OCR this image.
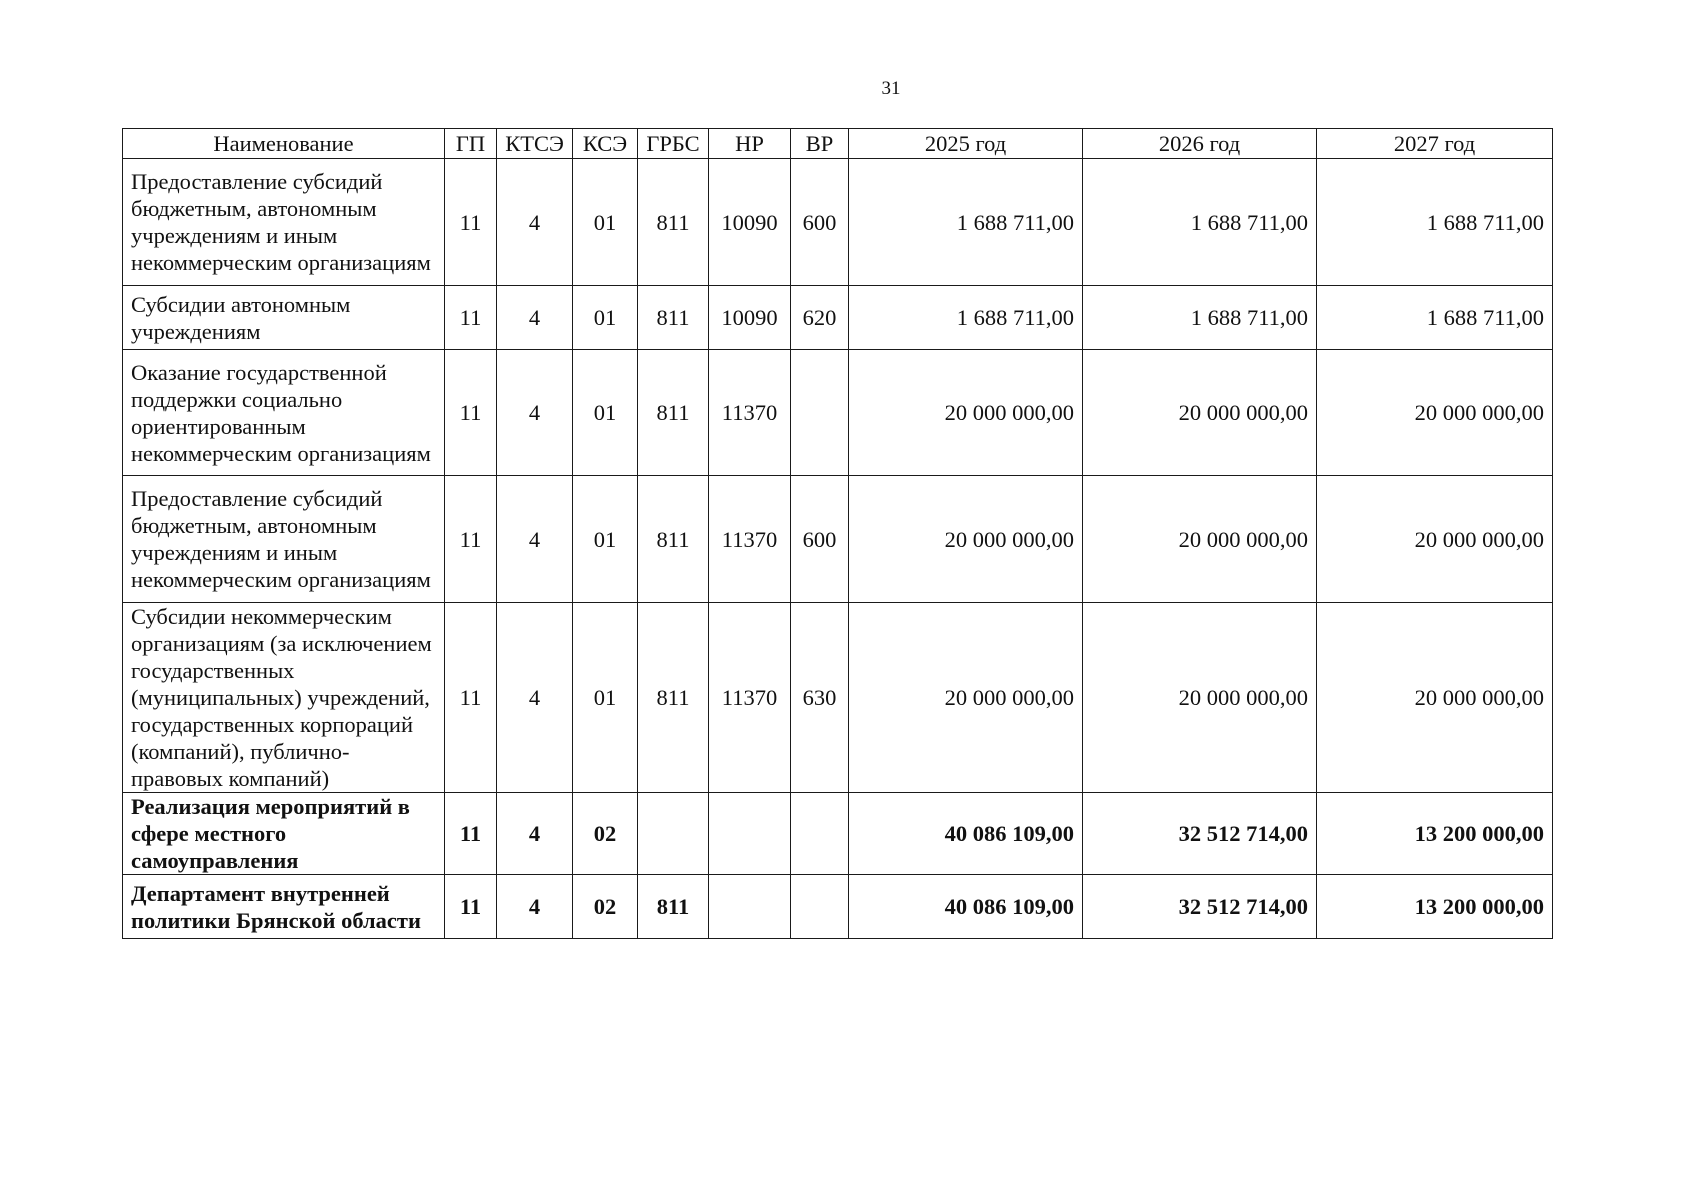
31
Наименование	ГП	КТСЭ	КСЭ	ГРБС	НР	ВР	2025 год	2026 год	2027 год
Предоставление субсидий бюджетным, автономным учреждениям и иным некоммерческим организациям	11	4	01	811	10090	600	1 688 711,00	1 688 711,00	1 688 711,00
Субсидии автономным учреждениям	11	4	01	811	10090	620	1 688 711,00	1 688 711,00	1 688 711,00
Оказание государственной поддержки социально ориентированным некоммерческим организациям	11	4	01	811	11370		20 000 000,00	20 000 000,00	20 000 000,00
Предоставление субсидий бюджетным, автономным учреждениям и иным некоммерческим организациям	11	4	01	811	11370	600	20 000 000,00	20 000 000,00	20 000 000,00
Субсидии некоммерческим организациям (за исключением государственных (муниципальных) учреждений, государственных корпораций (компаний), публично-правовых компаний)	11	4	01	811	11370	630	20 000 000,00	20 000 000,00	20 000 000,00
Реализация мероприятий в сфере местного самоуправления	11	4	02				40 086 109,00	32 512 714,00	13 200 000,00
Департамент внутренней политики Брянской области	11	4	02	811			40 086 109,00	32 512 714,00	13 200 000,00
